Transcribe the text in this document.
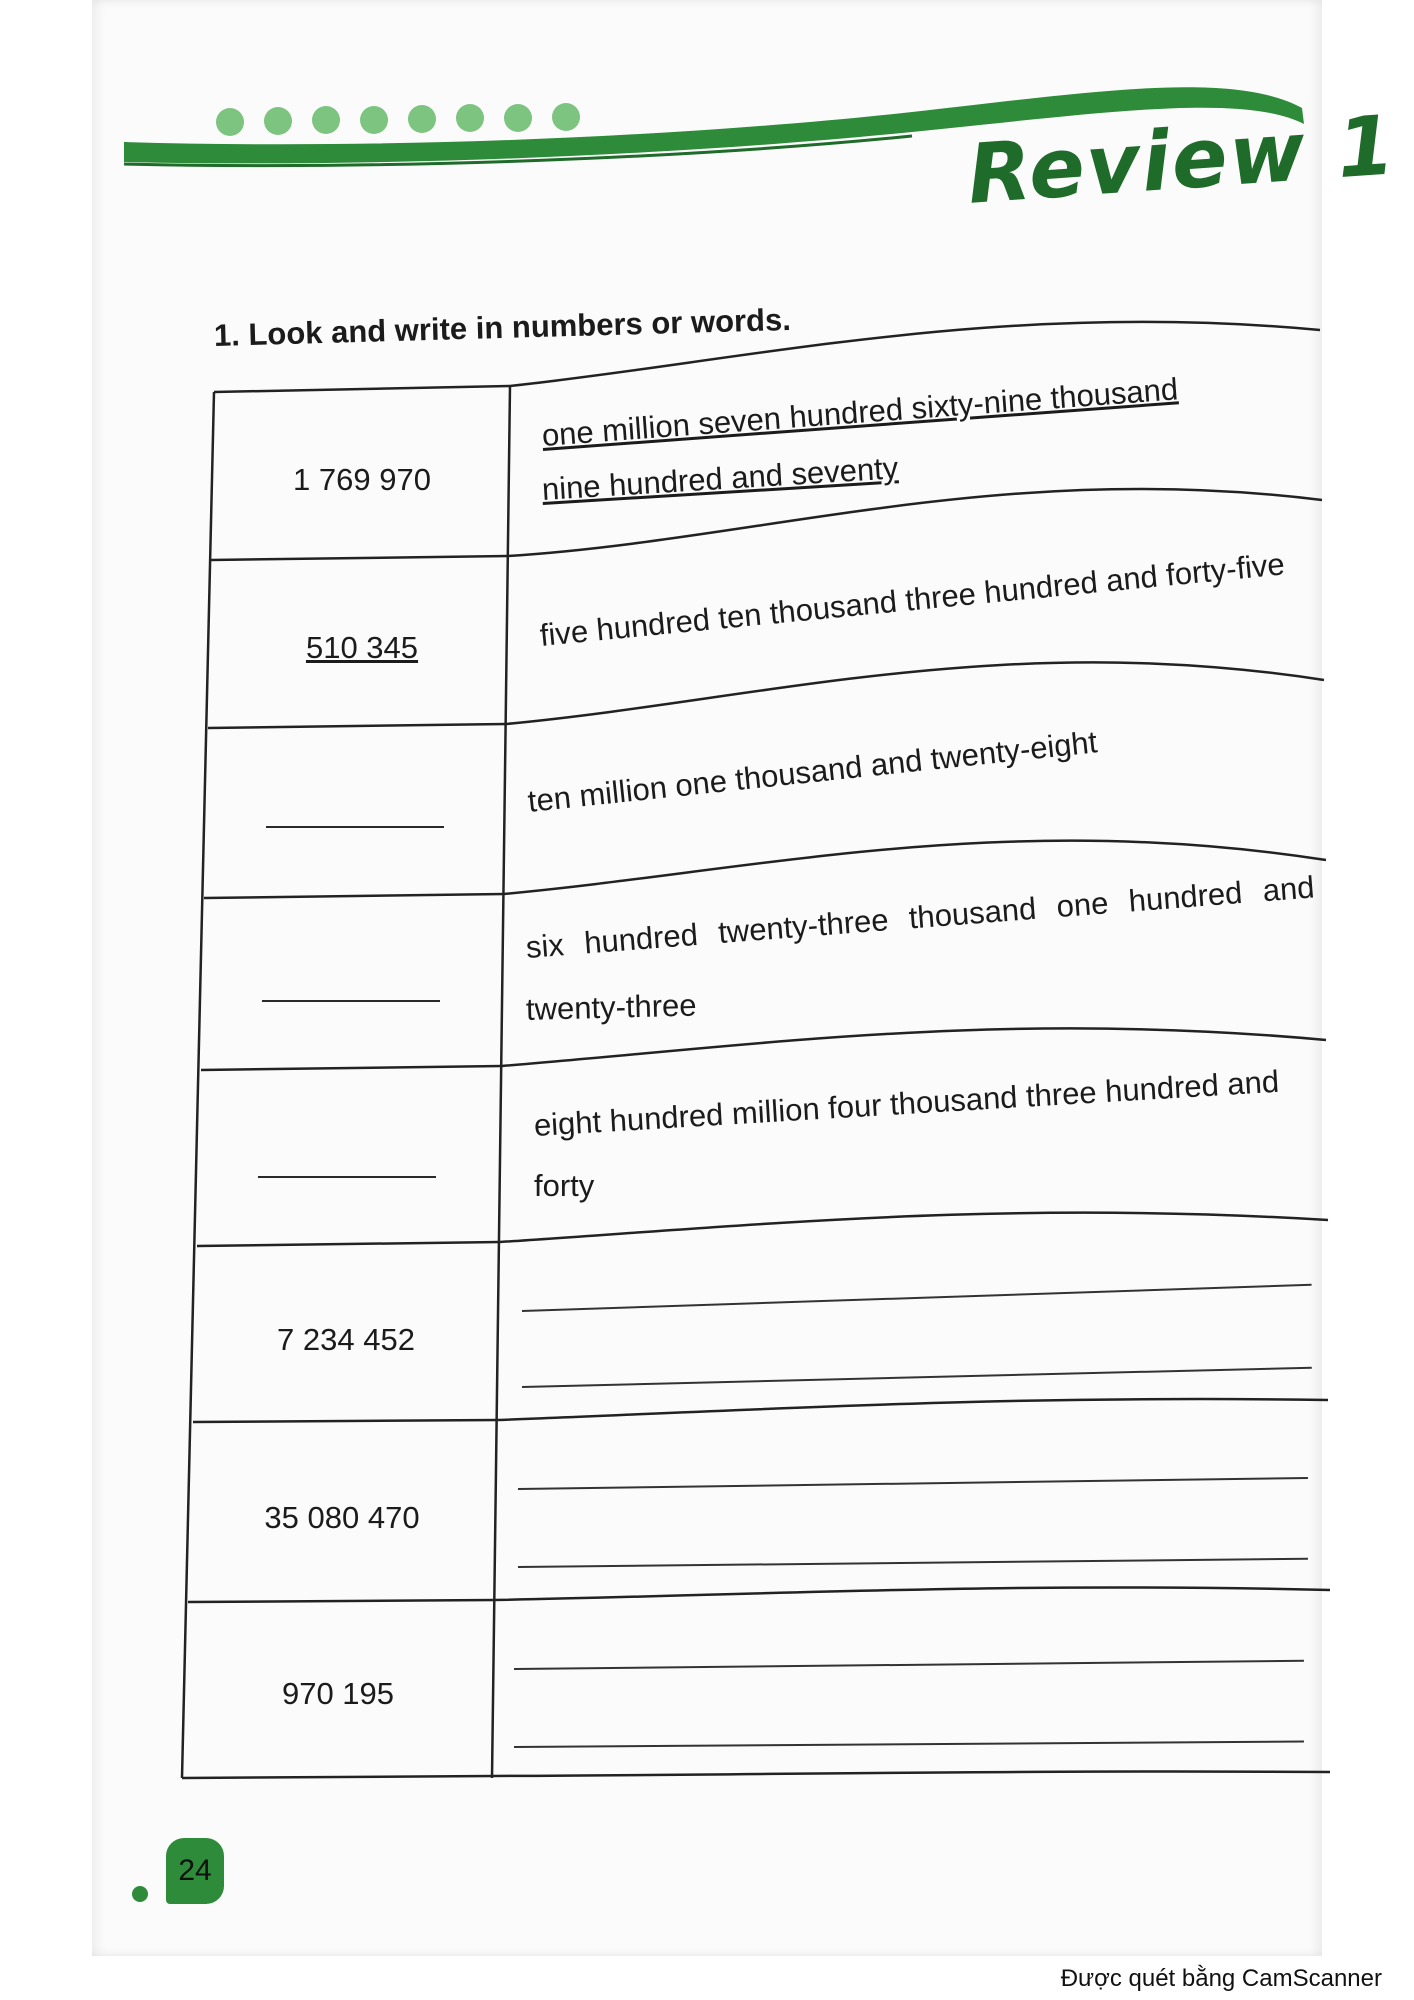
Review 1
1. Look and write in numbers or words.
1 769 970
one million seven hundred sixty-nine thousand
nine hundred and seventy
510 345	five hundred ten thousand three hundred and forty-five
ten million one thousand and twenty-eight
six hundred twenty-three thousand one hundred and
twenty-three
eight hundred million four thousand three hundred and
forty
7 234 452
35 080 470
970 195
24
Được quét bằng CamScanner
